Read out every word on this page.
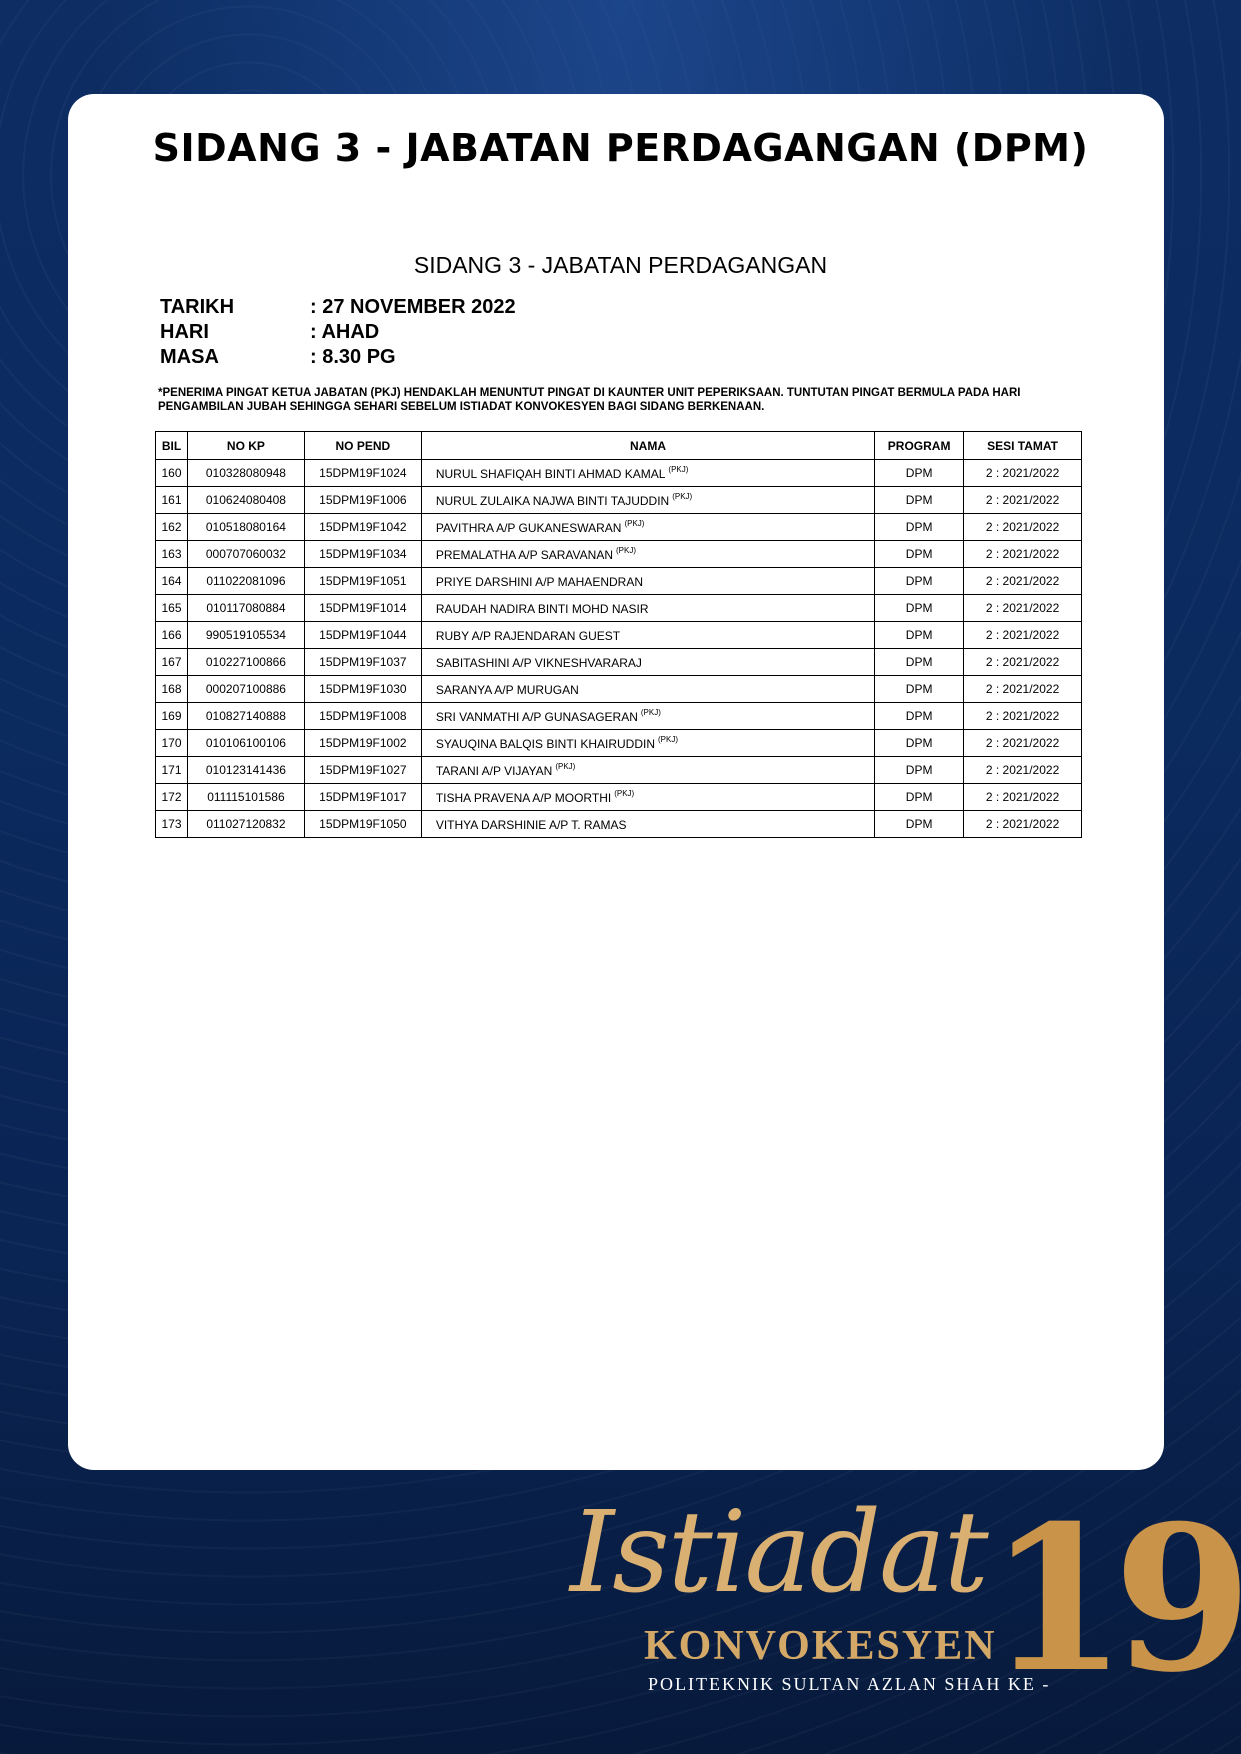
SIDANG 3 - JABATAN PERDAGANGAN (DPM)
SIDANG 3 - JABATAN PERDAGANGAN
TARIKH	: 27 NOVEMBER 2022
HARI	: AHAD
MASA	: 8.30 PG
*PENERIMA PINGAT KETUA JABATAN (PKJ) HENDAKLAH MENUNTUT PINGAT DI KAUNTER UNIT PEPERIKSAAN. TUNTUTAN PINGAT BERMULA PADA HARI PENGAMBILAN JUBAH SEHINGGA SEHARI SEBELUM ISTIADAT KONVOKESYEN BAGI SIDANG BERKENAAN.
BIL	NO KP	NO PEND	NAMA	PROGRAM	SESI TAMAT
160	010328080948	15DPM19F1024	NURUL SHAFIQAH BINTI AHMAD KAMAL $^{(PKJ)}$	DPM	2 : 2021/2022
161	010624080408	15DPM19F1006	NURUL ZULAIKA NAJWA BINTI TAJUDDIN $^{(PKJ)}$	DPM	2 : 2021/2022
162	010518080164	15DPM19F1042	PAVITHRA A/P GUKANESWARAN $^{(PKJ)}$	DPM	2 : 2021/2022
163	000707060032	15DPM19F1034	PREMALATHA A/P SARAVANAN $^{(PKJ)}$	DPM	2 : 2021/2022
164	011022081096	15DPM19F1051	PRIYE DARSHINI A/P MAHAENDRAN	DPM	2 : 2021/2022
165	010117080884	15DPM19F1014	RAUDAH NADIRA BINTI MOHD NASIR	DPM	2 : 2021/2022
166	990519105534	15DPM19F1044	RUBY A/P RAJENDARAN GUEST	DPM	2 : 2021/2022
167	010227100866	15DPM19F1037	SABITASHINI A/P VIKNESHVARARAJ	DPM	2 : 2021/2022
168	000207100886	15DPM19F1030	SARANYA A/P MURUGAN	DPM	2 : 2021/2022
169	010827140888	15DPM19F1008	SRI VANMATHI A/P GUNASAGERAN $^{(PKJ)}$	DPM	2 : 2021/2022
170	010106100106	15DPM19F1002	SYAUQINA BALQIS BINTI KHAIRUDDIN $^{(PKJ)}$	DPM	2 : 2021/2022
171	010123141436	15DPM19F1027	TARANI A/P VIJAYAN $^{(PKJ)}$	DPM	2 : 2021/2022
172	011115101586	15DPM19F1017	TISHA PRAVENA A/P MOORTHI $^{(PKJ)}$	DPM	2 : 2021/2022
173	011027120832	15DPM19F1050	VITHYA DARSHINIE A/P T. RAMAS	DPM	2 : 2021/2022
Istiadat 19
KONVOKESYEN
POLITEKNIK SULTAN AZLAN SHAH KE -
